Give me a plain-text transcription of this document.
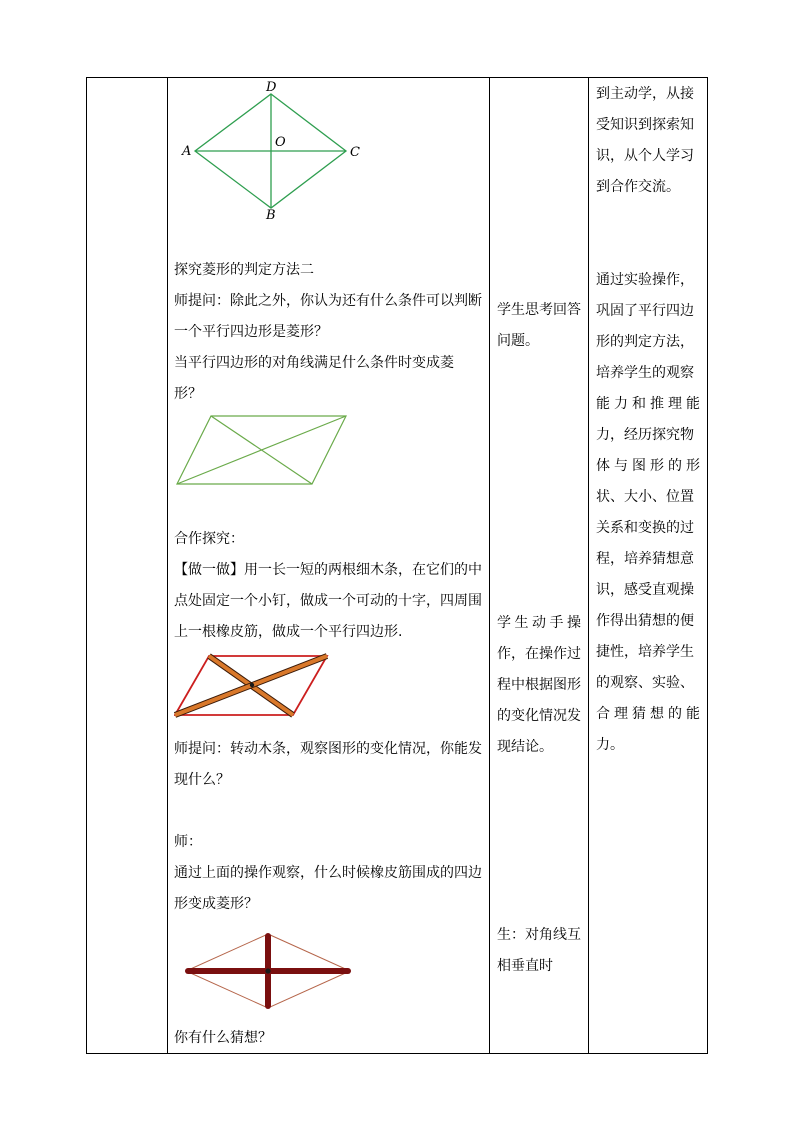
D
A	C
B
O
探究菱形的判定方法二
师提问：除此之外，你认为还有什么条件可以判断
一个平行四边形是菱形？
当平行四边形的对角线满足什么条件时变成菱
形？
合作探究：
【做一做】用一长一短的两根细木条，在它们的中
点处固定一个小钉，做成一个可动的十字，四周围
上一根橡皮筋，做成一个平行四边形.
师提问：转动木条，观察图形的变化情况，你能发
现什么？
师：
通过上面的操作观察，什么时候橡皮筋围成的四边
形变成菱形？
你有什么猜想？
学生思考回答
问题。
学生动手操
作，在操作过
程中根据图形
的变化情况发
现结论。
生：对角线互
相垂直时
到主动学，从接
受知识到探索知
识，从个人学习
到合作交流。
通过实验操作，
巩固了平行四边
形的判定方法，
培养学生的观察
能力和推理能
力，经历探究物
体与图形的形
状、大小、位置
关系和变换的过
程，培养猜想意
识，感受直观操
作得出猜想的便
捷性，培养学生
的观察、实验、
合理猜想的能
力。
